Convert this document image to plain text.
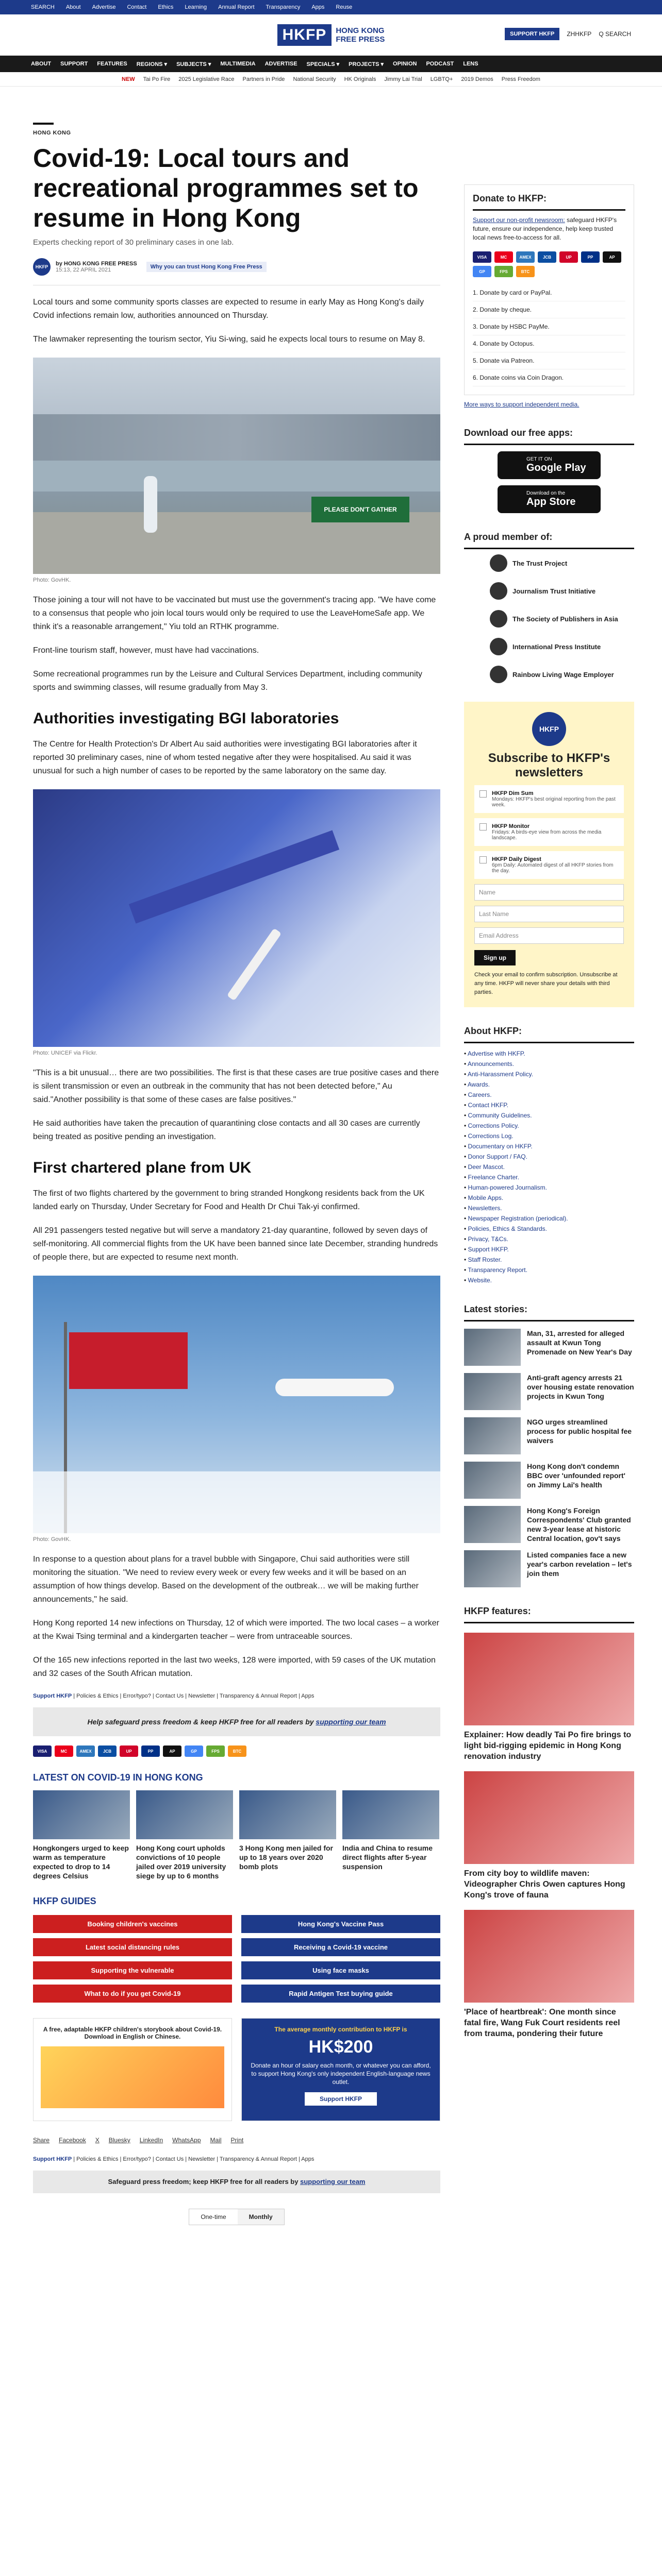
SEARCH About Advertise Contact Ethics Learning Annual Report Transparency Apps Reuse
HKFP	HONG KONG
FREE PRESS
SUPPORT HKFP	ZHHKFP Q SEARCH
ABOUT SUPPORT FEATURES REGIONS ▾ SUBJECTS ▾ MULTIMEDIA ADVERTISE SPECIALS ▾ PROJECTS ▾ OPINION PODCAST LENS
NEW Tai Po Fire 2025 Legislative Race Partners in Pride National Security HK Originals Jimmy Lai Trial LGBTQ+ 2019 Demos Press Freedom
HONG KONG
Covid-19: Local tours and recreational programmes set to resume in Hong Kong
Experts checking report of 30 preliminary cases in one lab.
HKFP	by HONG KONG FREE PRESS
15:13, 22 APRIL 2021	Why you can trust Hong Kong Free Press

Local tours and some community sports classes are expected to resume in early May as Hong Kong's daily Covid infections remain low, authorities announced on Thursday.

The lawmaker representing the tourism sector, Yiu Si-wing, said he expects local tours to resume on May 8.

PLEASE DON'T GATHER
Photo: GovHK.

Those joining a tour will not have to be vaccinated but must use the government's tracing app. "We have come to a consensus that people who join local tours would only be required to use the LeaveHomeSafe app. We think it's a reasonable arrangement," Yiu told an RTHK programme.

Front-line tourism staff, however, must have had vaccinations.

Some recreational programmes run by the Leisure and Cultural Services Department, including community sports and swimming classes, will resume gradually from May 3.

Authorities investigating BGI laboratories

The Centre for Health Protection's Dr Albert Au said authorities were investigating BGI laboratories after it reported 30 preliminary cases, nine of whom tested negative after they were hospitalised. Au said it was unusual for such a high number of cases to be reported by the same laboratory on the same day.

Photo: UNICEF via Flickr.

"This is a bit unusual… there are two possibilities. The first is that these cases are true positive cases and there is silent transmission or even an outbreak in the community that has not been detected before," Au said."Another possibility is that some of these cases are false positives."

He said authorities have taken the precaution of quarantining close contacts and all 30 cases are currently being treated as positive pending an investigation.

First chartered plane from UK

The first of two flights chartered by the government to bring stranded Hongkong residents back from the UK landed early on Thursday, Under Secretary for Food and Health Dr Chui Tak-yi confirmed.

All 291 passengers tested negative but will serve a mandatory 21-day quarantine, followed by seven days of self-monitoring. All commercial flights from the UK have been banned since late December, stranding hundreds of people there, but are expected to resume next month.

Photo: GovHK.

In response to a question about plans for a travel bubble with Singapore, Chui said authorities were still monitoring the situation. "We need to review every week or every few weeks and it will be based on an assumption of how things develop. Based on the development of the outbreak… we will be making further announcements," he said.

Hong Kong reported 14 new infections on Thursday, 12 of which were imported. The two local cases – a worker at the Kwai Tsing terminal and a kindergarten teacher – were from untraceable sources.

Of the 165 new infections reported in the last two weeks, 128 were imported, with 59 cases of the UK mutation and 32 cases of the South African mutation.

Support HKFP | Policies & Ethics | Error/typo? | Contact Us | Newsletter | Transparency & Annual Report | Apps
Help safeguard press freedom & keep HKFP free for all readers by supporting our team
VISA	MC	AMEX	JCB	UP	PP	AP	GP	FPS	BTC
LATEST ON COVID-19 IN HONG KONG
Hongkongers urged to keep warm as temperature expected to drop to 14 degrees Celsius
Hong Kong court upholds convictions of 10 people jailed over 2019 university siege by up to 6 months
3 Hong Kong men jailed for up to 18 years over 2020 bomb plots
India and China to resume direct flights after 5-year suspension
HKFP GUIDES
Booking children's vaccines	Hong Kong's Vaccine Pass
Latest social distancing rules	Receiving a Covid-19 vaccine
Supporting the vulnerable	Using face masks
What to do if you get Covid-19	Rapid Antigen Test buying guide
A free, adaptable HKFP children's storybook about Covid-19. Download in English or Chinese.
The average monthly contribution to HKFP is
HK$200
Donate an hour of salary each month, or whatever you can afford, to support Hong Kong's only independent English-language news outlet.
Support HKFP
Share Facebook X Bluesky LinkedIn WhatsApp Mail Print
Support HKFP | Policies & Ethics | Error/typo? | Contact Us | Newsletter | Transparency & Annual Report | Apps
Safeguard press freedom; keep HKFP free for all readers by supporting our team
One-time	Monthly
Donate to HKFP:
Support our non-profit newsroom: safeguard HKFP's future, ensure our independence, help keep trusted local news free-to-access for all.
VISA	MC	AMEX	JCB	UP	PP	AP
GP	FPS	BTC
1. Donate by card or PayPal.
2. Donate by cheque.
3. Donate by HSBC PayMe.
4. Donate by Octopus.
5. Donate via Patreon.
6. Donate coins via Coin Dragon.
More ways to support independent media.
Download our free apps:
GET IT ON
Google Play
Download on the
App Store
A proud member of:
The Trust Project
Journalism Trust Initiative
The Society of Publishers in Asia
International Press Institute
Rainbow Living Wage Employer
HKFP
Subscribe to HKFP's newsletters
HKFP Dim Sum
Mondays: HKFP's best original reporting from the past week.
HKFP Monitor
Fridays: A birds-eye view from across the media landscape.
HKFP Daily Digest
6pm Daily: Automated digest of all HKFP stories from the day.
Name
Last Name
Email Address
Sign up
Check your email to confirm subscription. Unsubscribe at any time. HKFP will never share your details with third parties.
About HKFP:
• Advertise with HKFP.
• Announcements.
• Anti-Harassment Policy.
• Awards.
• Careers.
• Contact HKFP.
• Community Guidelines.
• Corrections Policy.
• Corrections Log.
• Documentary on HKFP.
• Donor Support / FAQ.
• Deer Mascot.
• Freelance Charter.
• Human-powered Journalism.
• Mobile Apps.
• Newsletters.
• Newspaper Registration (periodical).
• Policies, Ethics & Standards.
• Privacy, T&Cs.
• Support HKFP.
• Staff Roster.
• Transparency Report.
• Website.
Latest stories:
Man, 31, arrested for alleged assault at Kwun Tong Promenade on New Year's Day
Anti-graft agency arrests 21 over housing estate renovation projects in Kwun Tong
NGO urges streamlined process for public hospital fee waivers
Hong Kong don't condemn BBC over 'unfounded report' on Jimmy Lai's health
Hong Kong's Foreign Correspondents' Club granted new 3-year lease at historic Central location, gov't says
Listed companies face a new year's carbon revelation – let's join them
HKFP features:
Explainer: How deadly Tai Po fire brings to light bid-rigging epidemic in Hong Kong renovation industry
From city boy to wildlife maven: Videographer Chris Owen captures Hong Kong's trove of fauna
'Place of heartbreak': One month since fatal fire, Wang Fuk Court residents reel from trauma, pondering their future
